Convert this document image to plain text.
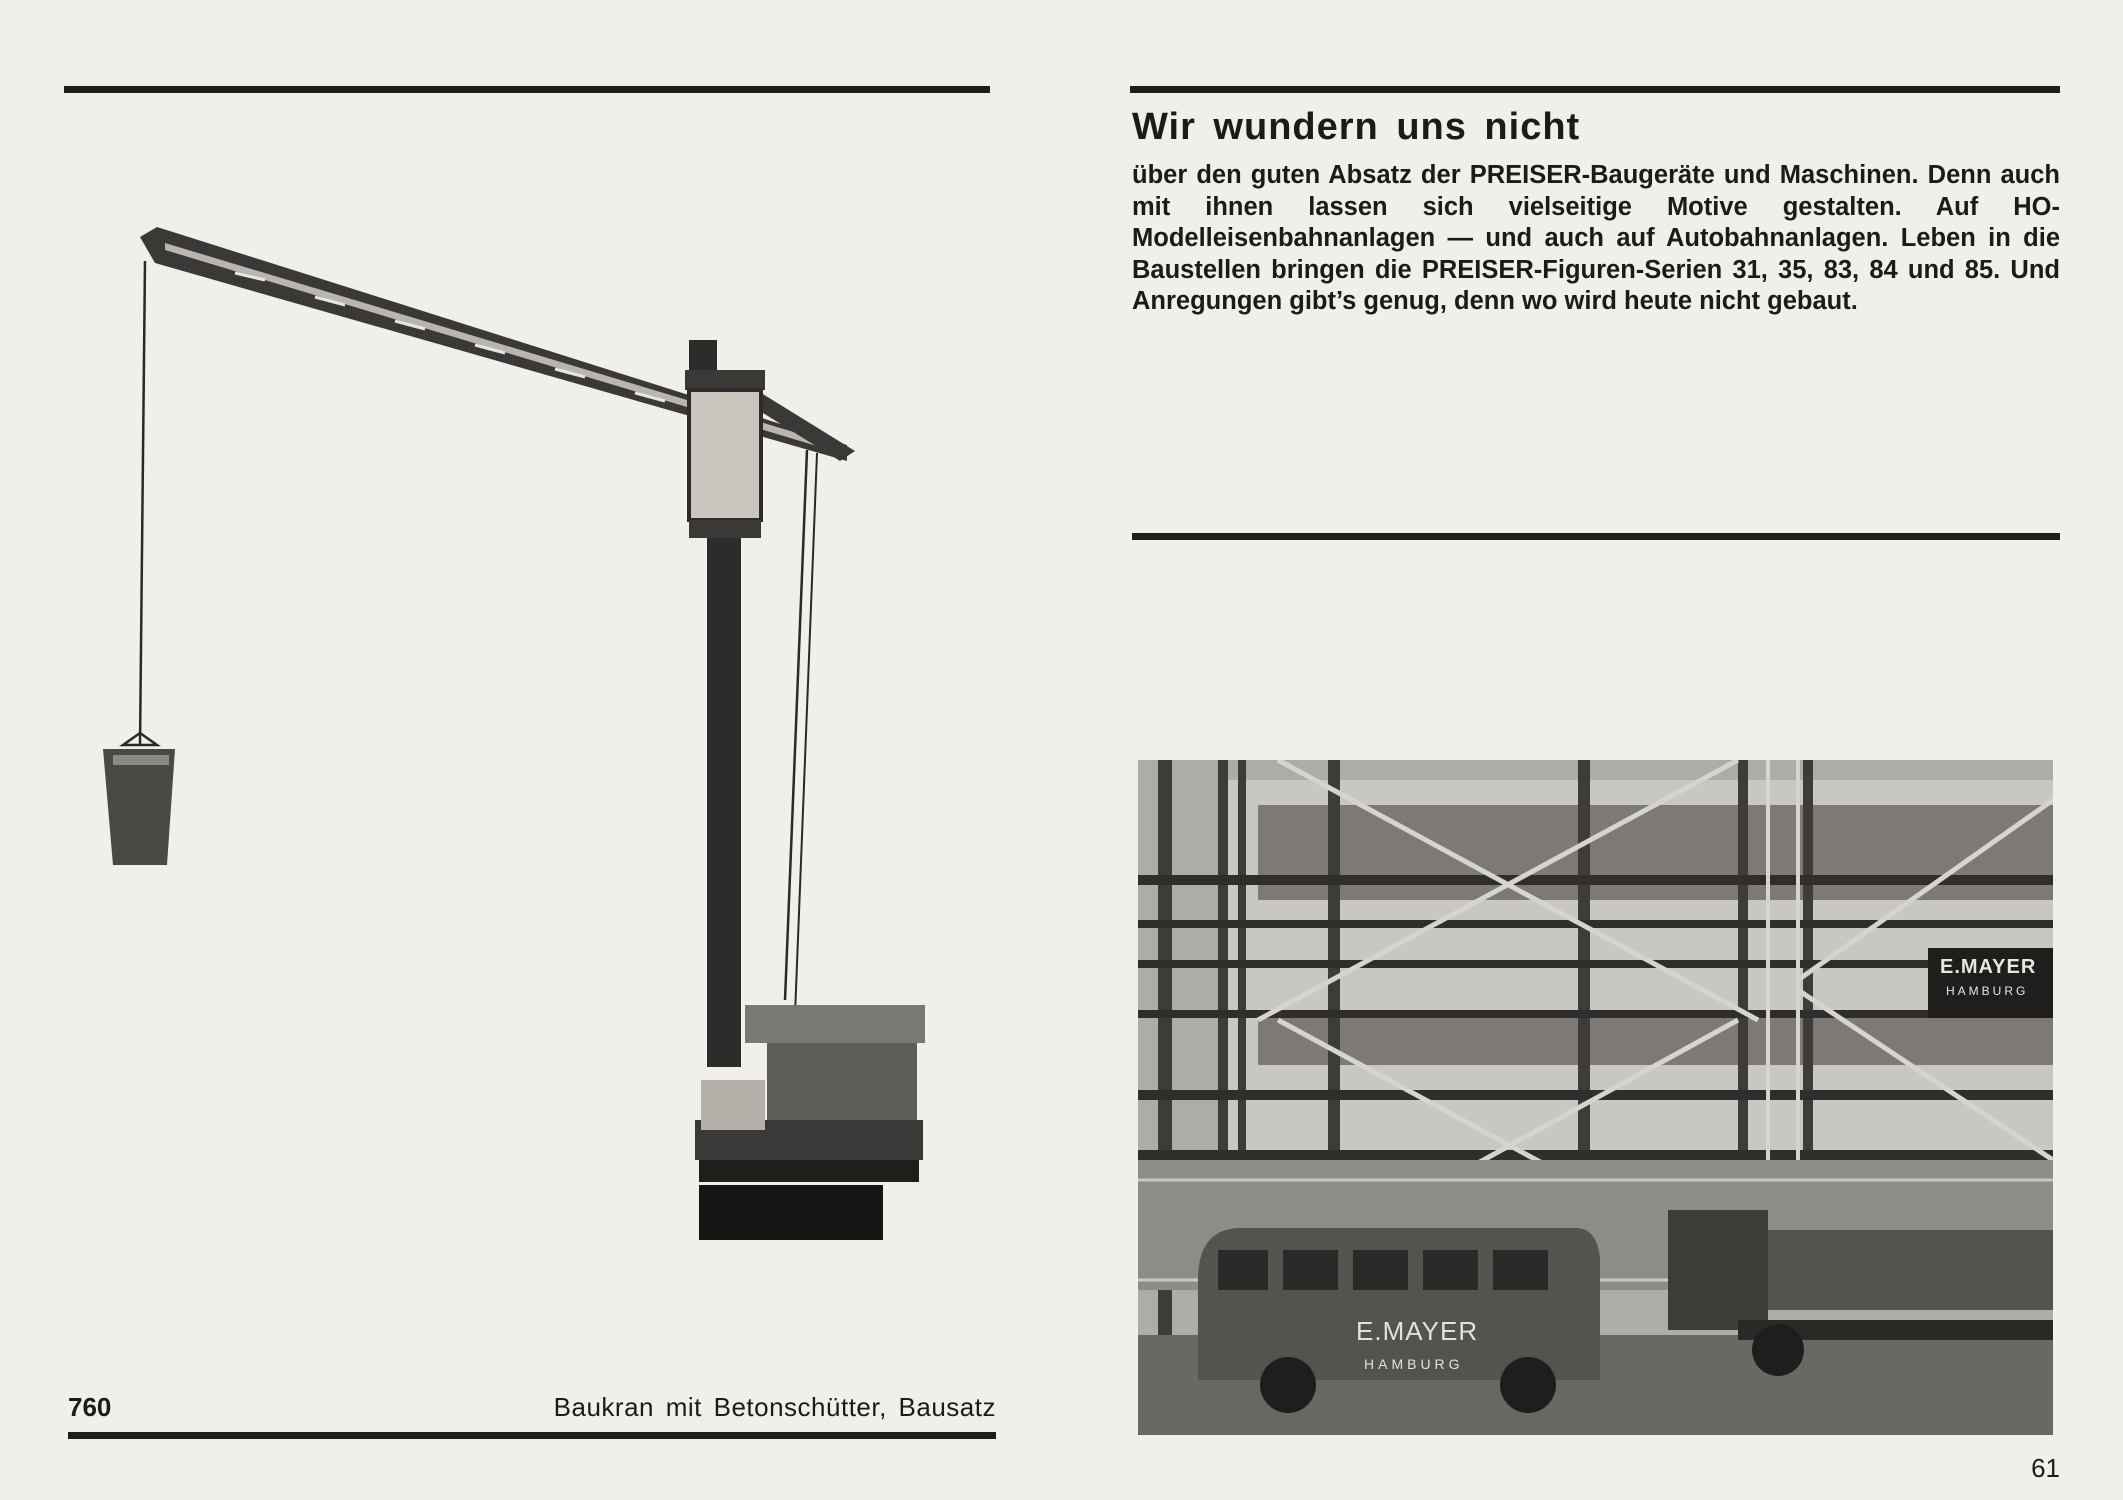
Wir wundern uns nicht
über den guten Absatz der PREISER-Baugeräte und Maschinen. Denn auch mit ihnen lassen sich vielseitige Motive gestalten. Auf HO-Modelleisenbahnanlagen — und auch auf Autobahnanlagen. Leben in die Baustellen bringen die PREISER-Figuren-Serien 31, 35, 83, 84 und 85. Und Anregungen gibt’s genug, denn wo wird heute nicht gebaut.
E.MAYER
HAMBURG
E.MAYER
HAMBURG
760	Baukran mit Betonschütter, Bausatz
61
